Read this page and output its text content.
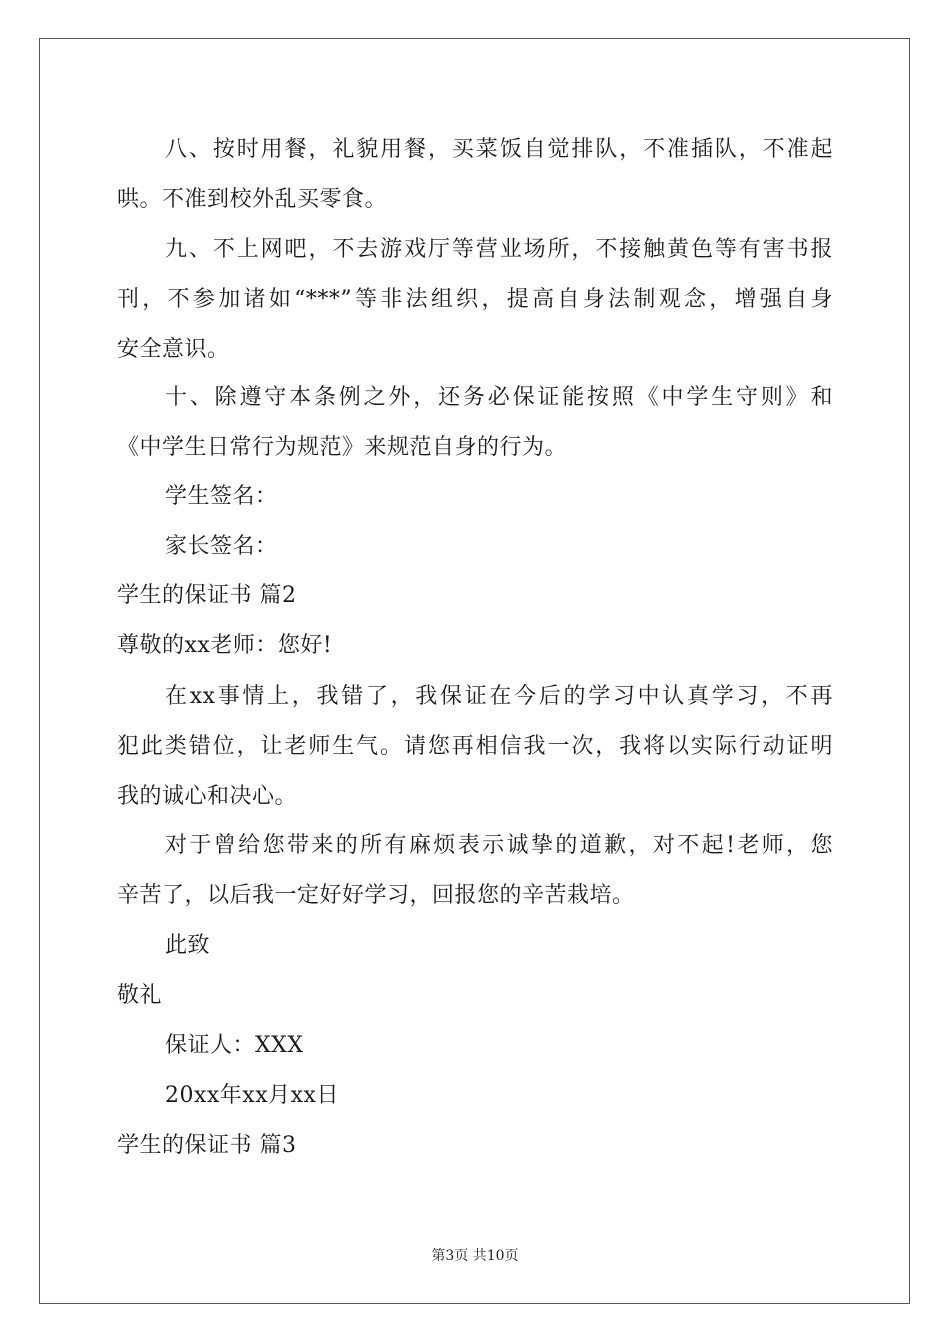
八、按时用餐，礼貌用餐，买菜饭自觉排队，不准插队，不准起
哄。不准到校外乱买零食。
九、不上网吧，不去游戏厅等营业场所，不接触黄色等有害书报
刊，不参加诸如“***”等非法组织，提高自身法制观念，增强自身
安全意识。
十、除遵守本条例之外，还务必保证能按照《中学生守则》和
《中学生日常行为规范》来规范自身的行为。
学生签名：
家长签名：
学生的保证书 篇2
尊敬的xx老师：您好!
在xx事情上，我错了，我保证在今后的学习中认真学习，不再
犯此类错位，让老师生气。请您再相信我一次，我将以实际行动证明
我的诚心和决心。
对于曾给您带来的所有麻烦表示诚挚的道歉，对不起!老师，您
辛苦了，以后我一定好好学习，回报您的辛苦栽培。
此致
敬礼
保证人：XXX
20xx年xx月xx日
学生的保证书 篇3
第3页 共10页
